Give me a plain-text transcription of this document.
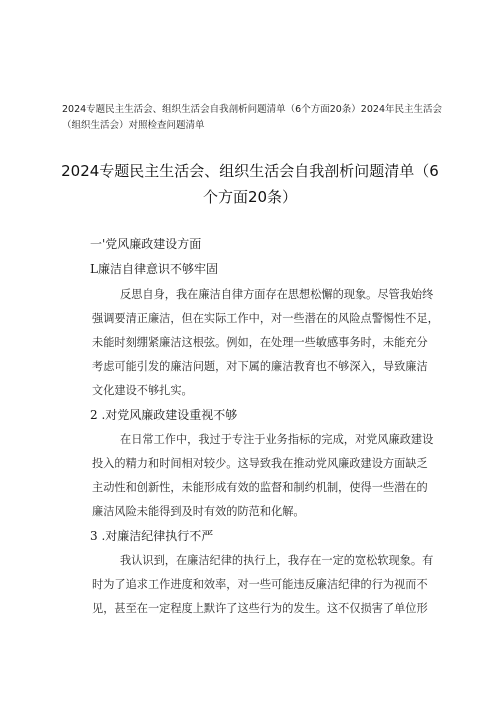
2024专题民主生活会、组织生活会自我剖析问题清单（6个方面20条）2024年民主生活会
（组织生活会）对照检查问题清单
2024专题民主生活会、组织生活会自我剖析问题清单（6
个方面20条）
一'党风廉政建设方面
L廉洁自律意识不够牢固
反思自身，我在廉洁自律方面存在思想松懈的现象。尽管我始终
强调要清正廉洁，但在实际工作中，对一些潜在的风险点警惕性不足，
未能时刻绷紧廉洁这根弦。例如，在处理一些敏感事务时，未能充分
考虑可能引发的廉洁问题，对下属的廉洁教育也不够深入，导致廉洁
文化建设不够扎实。
2 .对党风廉政建设重视不够
在日常工作中，我过于专注于业务指标的完成，对党风廉政建设
投入的精力和时间相对较少。这导致我在推动党风廉政建设方面缺乏
主动性和创新性，未能形成有效的监督和制约机制，使得一些潜在的
廉洁风险未能得到及时有效的防范和化解。
3 .对廉洁纪律执行不严
我认识到，在廉洁纪律的执行上，我存在一定的宽松软现象。有
时为了追求工作进度和效率，对一些可能违反廉洁纪律的行为视而不
见，甚至在一定程度上默许了这些行为的发生。这不仅损害了单位形
